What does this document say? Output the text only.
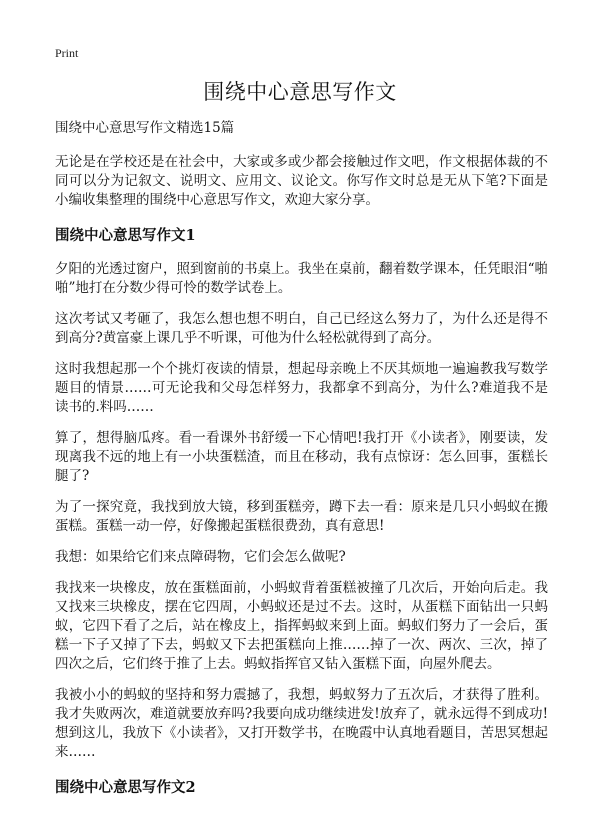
Print
围绕中心意思写作文

围绕中心意思写作文精选15篇

无论是在学校还是在社会中，大家或多或少都会接触过作文吧，作文根据体裁的不同可以分为记叙文、说明文、应用文、议论文。你写作文时总是无从下笔?下面是小编收集整理的围绕中心意思写作文，欢迎大家分享。

围绕中心意思写作文1

夕阳的光透过窗户，照到窗前的书桌上。我坐在桌前，翻着数学课本，任凭眼泪“啪啪”地打在分数少得可怜的数学试卷上。

这次考试又考砸了，我怎么想也想不明白，自己已经这么努力了，为什么还是得不到高分?黄富豪上课几乎不听课，可他为什么轻松就得到了高分。

这时我想起那一个个挑灯夜读的情景，想起母亲晚上不厌其烦地一遍遍教我写数学题目的情景……可无论我和父母怎样努力，我都拿不到高分，为什么?难道我不是读书的.料吗……

算了，想得脑瓜疼。看一看课外书舒缓一下心情吧!我打开《小读者》，刚要读，发现离我不远的地上有一小块蛋糕渣，而且在移动，我有点惊讶：怎么回事，蛋糕长腿了?

为了一探究竟，我找到放大镜，移到蛋糕旁，蹲下去一看：原来是几只小蚂蚁在搬蛋糕。蛋糕一动一停，好像搬起蛋糕很费劲，真有意思!

我想：如果给它们来点障碍物，它们会怎么做呢?

我找来一块橡皮，放在蛋糕面前，小蚂蚁背着蛋糕被撞了几次后，开始向后走。我又找来三块橡皮，摆在它四周，小蚂蚁还是过不去。这时，从蛋糕下面钻出一只蚂蚁，它四下看了之后，站在橡皮上，指挥蚂蚁来到上面。蚂蚁们努力了一会后，蛋糕一下子又掉了下去，蚂蚁又下去把蛋糕向上推……掉了一次、两次、三次，掉了四次之后，它们终于推了上去。蚂蚁指挥官又钻入蛋糕下面，向屋外爬去。

我被小小的蚂蚁的坚持和努力震撼了，我想，蚂蚁努力了五次后，才获得了胜利。我才失败两次，难道就要放弃吗?我要向成功继续进发!放弃了，就永远得不到成功!想到这儿，我放下《小读者》，又打开数学书，在晚霞中认真地看题目，苦思冥想起来……

围绕中心意思写作文2
